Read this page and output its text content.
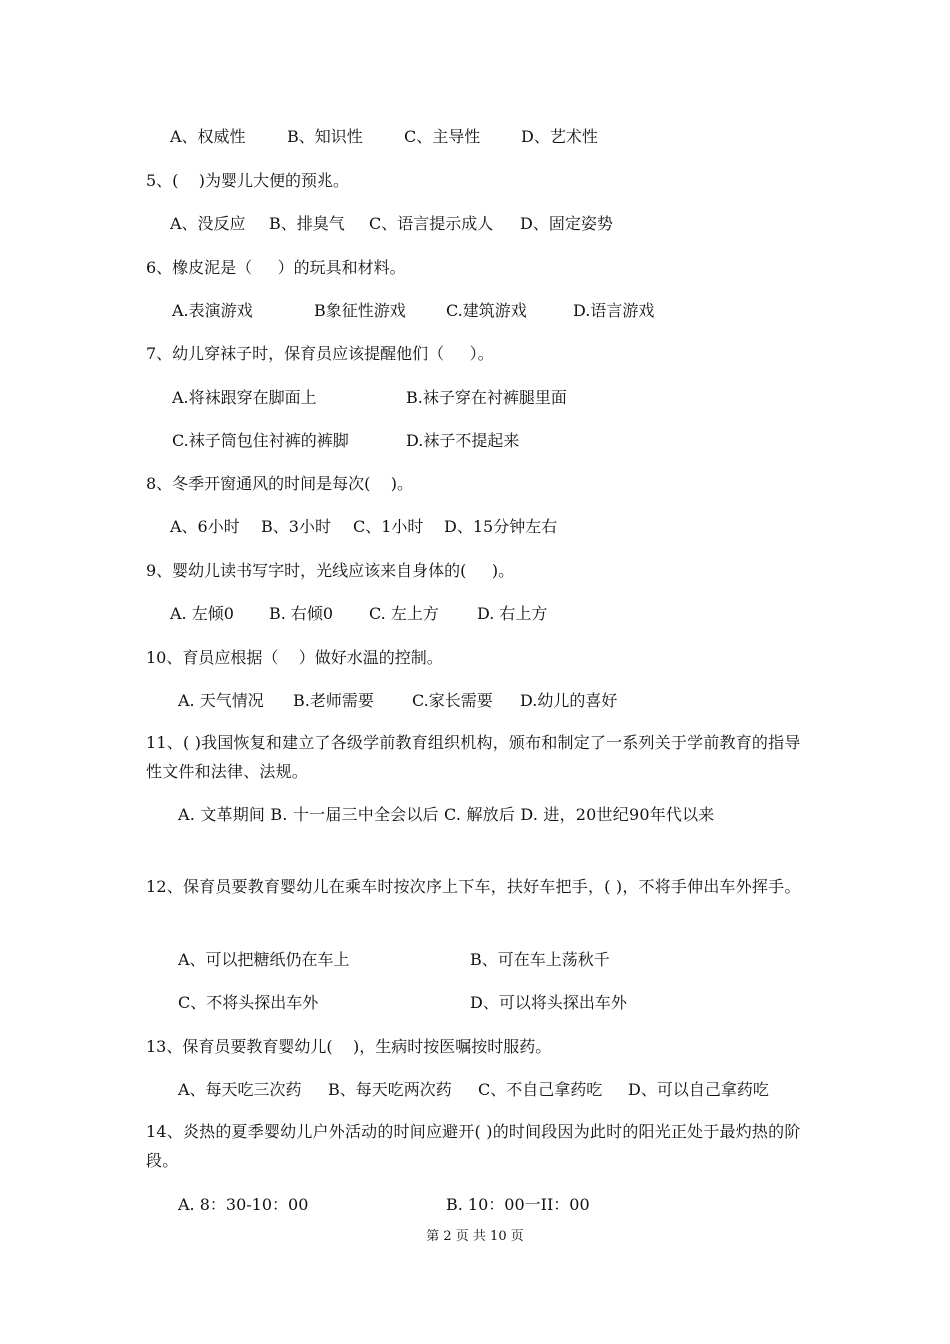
A、权威性	B、知识性	C、主导性	D、艺术性
5、(    )为婴儿大便的预兆。
A、没反应 B、排臭气 C、语言提示成人 D、固定姿势
6、橡皮泥是（     ）的玩具和材料。
A.表演游戏	B象征性游戏	C.建筑游戏	D.语言游戏
7、幼儿穿袜子时，保育员应该提醒他们（     ）。
A.将袜跟穿在脚面上	B.袜子穿在衬裤腿里面
C.袜子筒包住衬裤的裤脚	D.袜子不提起来
8、冬季开窗通风的时间是每次(    )。
A、6小时 B、3小时 C、1小时 D、15分钟左右
9、婴幼儿读书写字时，光线应该来自身体的(     )。
A. 左倾0 B. 右倾0 C. 左上方 D. 右上方
10、育员应根据（    ）做好水温的控制。
A. 天气情况 B.老师需要 C.家长需要 D.幼儿的喜好
11、( )我国恢复和建立了各级学前教育组织机构，颁布和制定了一系列关于学前教育的指导性文件和法律、法规。
A. 文革期间 B. 十一届三中全会以后 C. 解放后 D. 进，20世纪90年代以来
12、保育员要教育婴幼儿在乘车时按次序上下车，扶好车把手，( )，不将手伸出车外挥手。
A、可以把糖纸仍在车上	B、可在车上荡秋千
C、不将头探出车外	D、可以将头探出车外
13、保育员要教育婴幼儿(    )，生病时按医嘱按时服药。
A、每天吃三次药 B、每天吃两次药 C、不自己拿药吃 D、可以自己拿药吃
14、炎热的夏季婴幼儿户外活动的时间应避开( )的时间段因为此时的阳光正处于最灼热的阶段。
A. 8：30-10：00	B. 10：00一II：00
第 2 页 共 10 页
